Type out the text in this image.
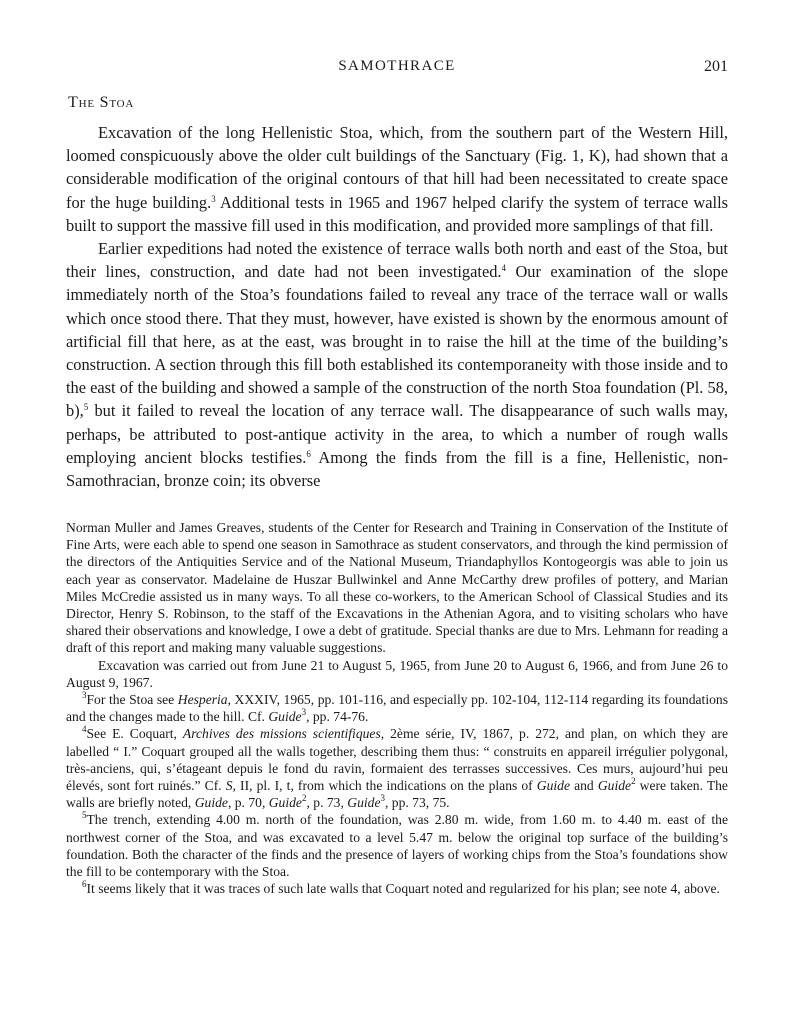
SAMOTHRACE	201
The Stoa

Excavation of the long Hellenistic Stoa, which, from the southern part of the Western Hill, loomed conspicuously above the older cult buildings of the Sanctuary (Fig. 1, K), had shown that a considerable modification of the original contours of that hill had been necessitated to create space for the huge building.$^3$ Additional tests in 1965 and 1967 helped clarify the system of terrace walls built to support the massive fill used in this modification, and provided more samplings of that fill.

Earlier expeditions had noted the existence of terrace walls both north and east of the Stoa, but their lines, construction, and date had not been investigated.$^4$ Our examination of the slope immediately north of the Stoa’s foundations failed to reveal any trace of the terrace wall or walls which once stood there. That they must, however, have existed is shown by the enormous amount of artificial fill that here, as at the east, was brought in to raise the hill at the time of the building’s construction. A section through this fill both established its contemporaneity with those inside and to the east of the building and showed a sample of the construction of the north Stoa foundation (Pl. 58, b),$^5$ but it failed to reveal the location of any terrace wall. The disappearance of such walls may, perhaps, be attributed to post-antique activity in the area, to which a number of rough walls employing ancient blocks testifies.$^6$ Among the finds from the fill is a fine, Hellenistic, non-Samothracian, bronze coin; its obverse

Norman Muller and James Greaves, students of the Center for Research and Training in Conservation of the Institute of Fine Arts, were each able to spend one season in Samothrace as student conservators, and through the kind permission of the directors of the Antiquities Service and of the National Museum, Triandaphyllos Kontogeorgis was able to join us each year as conservator. Madelaine de Huszar Bullwinkel and Anne McCarthy drew profiles of pottery, and Marian Miles McCredie assisted us in many ways. To all these co-workers, to the American School of Classical Studies and its Director, Henry S. Robinson, to the staff of the Excavations in the Athenian Agora, and to visiting scholars who have shared their observations and knowledge, I owe a debt of gratitude. Special thanks are due to Mrs. Lehmann for reading a draft of this report and making many valuable suggestions.

Excavation was carried out from June 21 to August 5, 1965, from June 20 to August 6, 1966, and from June 26 to August 9, 1967.

$^3$For the Stoa see Hesperia, XXXIV, 1965, pp. 101-116, and especially pp. 102-104, 112-114 regarding its foundations and the changes made to the hill. Cf. Guide$^3$, pp. 74-76.

$^4$See E. Coquart, Archives des missions scientifiques, 2ème série, IV, 1867, p. 272, and plan, on which they are labelled “ I.” Coquart grouped all the walls together, describing them thus: “ construits en appareil irrégulier polygonal, très-anciens, qui, s’étageant depuis le fond du ravin, formaient des terrasses successives. Ces murs, aujourd’hui peu élevés, sont fort ruinés.” Cf. S, II, pl. I, t, from which the indications on the plans of Guide and Guide$^2$ were taken. The walls are briefly noted, Guide, p. 70, Guide$^2$, p. 73, Guide$^3$, pp. 73, 75.

$^5$The trench, extending 4.00 m. north of the foundation, was 2.80 m. wide, from 1.60 m. to 4.40 m. east of the northwest corner of the Stoa, and was excavated to a level 5.47 m. below the original top surface of the building’s foundation. Both the character of the finds and the presence of layers of working chips from the Stoa’s foundations show the fill to be contemporary with the Stoa.

$^6$It seems likely that it was traces of such late walls that Coquart noted and regularized for his plan; see note 4, above.
